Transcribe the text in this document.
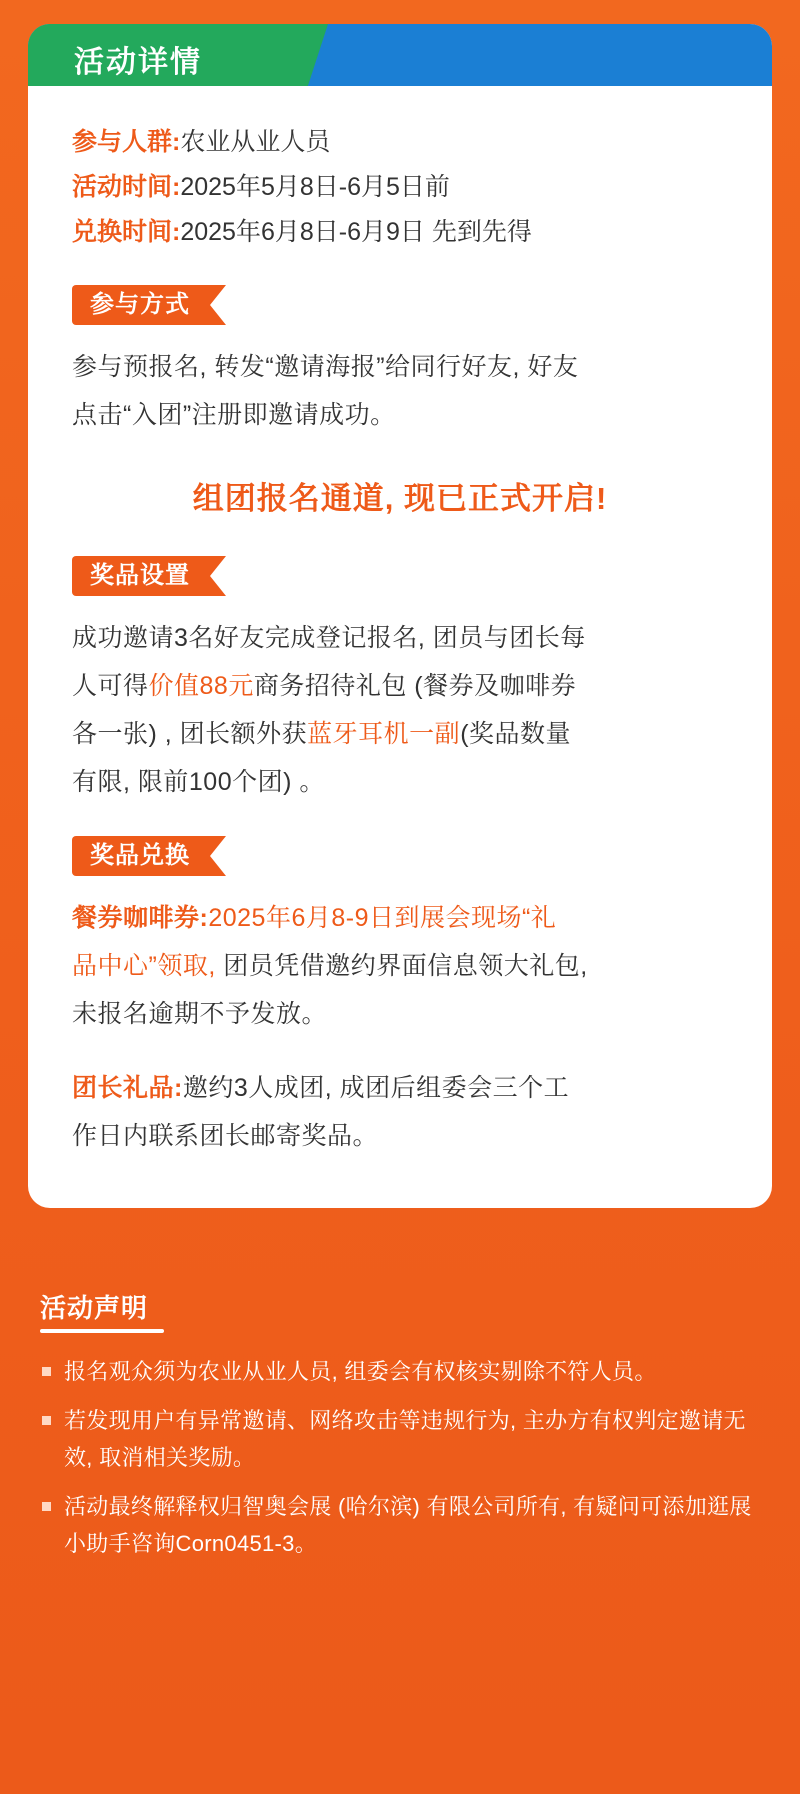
活动详情
参与人群:农业从业人员
活动时间:2025年5月8日-6月5日前
兑换时间:2025年6月8日-6月9日 先到先得
参与方式

参与预报名, 转发“邀请海报”给同行好友, 好友
点击“入团”注册即邀请成功。

组团报名通道, 现已正式开启!
奖品设置

成功邀请3名好友完成登记报名, 团员与团长每
人可得价值88元商务招待礼包 (餐券及咖啡券
各一张) , 团长额外获蓝牙耳机一副(奖品数量
有限, 限前100个团) 。

奖品兑换

餐券咖啡券:2025年6月8-9日到展会现场“礼
品中心”领取, 团员凭借邀约界面信息领大礼包,
未报名逾期不予发放。

团长礼品:邀约3人成团, 成团后组委会三个工
作日内联系团长邮寄奖品。

活动声明
报名观众须为农业从业人员, 组委会有权核实剔除不符人员。
若发现用户有异常邀请、网络攻击等违规行为, 主办方有权判定邀请无效, 取消相关奖励。
活动最终解释权归智奥会展 (哈尔滨) 有限公司所有, 有疑问可添加逛展小助手咨询Corn0451-3。
